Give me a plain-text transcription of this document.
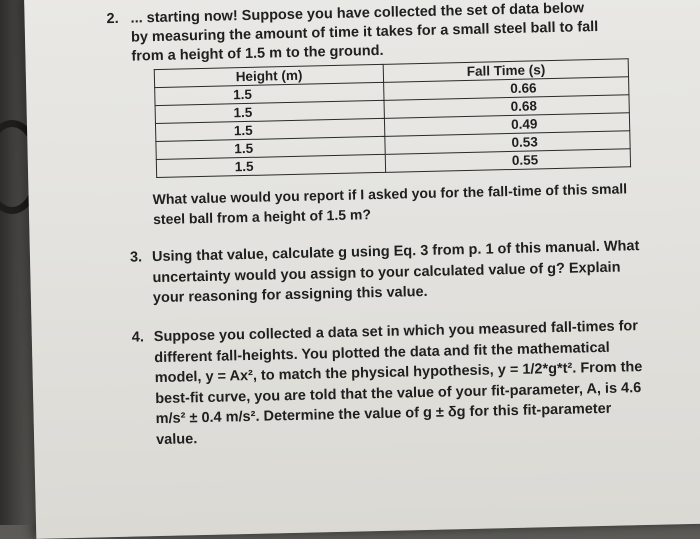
2. ... starting now! Suppose you have collected the set of data below by measuring the amount of time it takes for a small steel ball to fall from a height of 1.5 m to the ground.
Height (m)	Fall Time (s)
1.5	0.66
1.5	0.68
1.5	0.49
1.5	0.53
1.5	0.55
What value would you report if I asked you for the fall-time of this small steel ball from a height of 1.5 m?
3. Using that value, calculate g using Eq. 3 from p. 1 of this manual. What uncertainty would you assign to your calculated value of g? Explain your reasoning for assigning this value.
4. Suppose you collected a data set in which you measured fall-times for different fall-heights. You plotted the data and fit the mathematical model, y = Ax², to match the physical hypothesis, y = 1/2*g*t². From the best-fit curve, you are told that the value of your fit-parameter, A, is 4.6 m/s² ± 0.4 m/s². Determine the value of g ± δg for this fit-parameter value.
